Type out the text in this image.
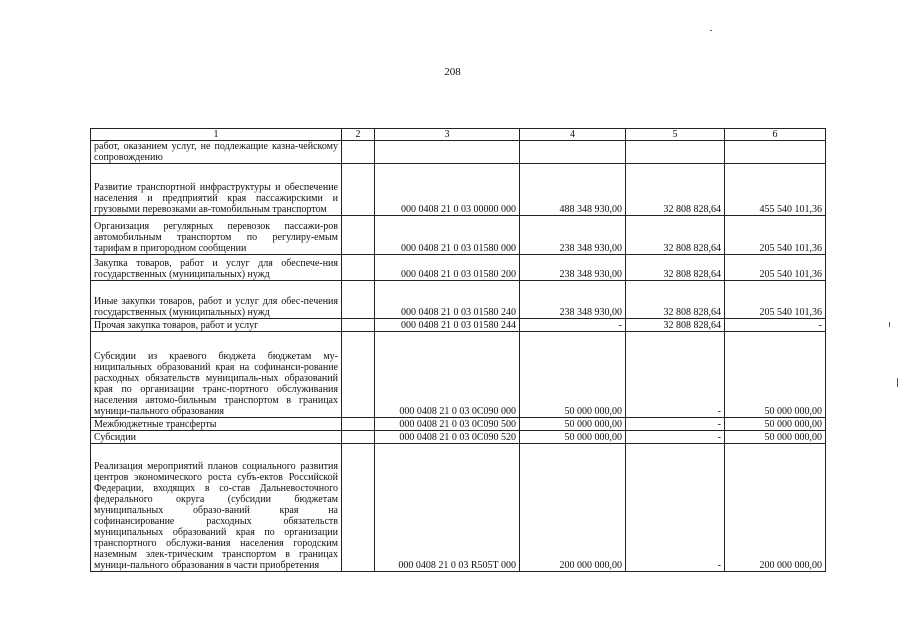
208
1	2	3	4	5	6
работ, оказанием услуг, не подлежащие казна-чейскому сопровождению					
Развитие транспортной инфраструктуры и обеспечение населения и предприятий края пассажирскими и грузовыми перевозками ав-томобильным транспортом		000 0408 21 0 03 00000 000	488 348 930,00	32 808 828,64	455 540 101,36
Организация регулярных перевозок пассажи-ров автомобильным транспортом по регулиру-емым тарифам в пригородном сообщении		000 0408 21 0 03 01580 000	238 348 930,00	32 808 828,64	205 540 101,36
Закупка товаров, работ и услуг для обеспече-ния государственных (муниципальных) нужд		000 0408 21 0 03 01580 200	238 348 930,00	32 808 828,64	205 540 101,36
Иные закупки товаров, работ и услуг для обес-печения государственных (муниципальных) нужд		000 0408 21 0 03 01580 240	238 348 930,00	32 808 828,64	205 540 101,36
Прочая закупка товаров, работ и услуг		000 0408 21 0 03 01580 244	-	32 808 828,64	-
Субсидии из краевого бюджета бюджетам му-ниципальных образований края на софинанси-рование расходных обязательств муниципаль-ных образований края по организации транс-портного обслуживания населения автомо-бильным транспортом в границах муници-пального образования		000 0408 21 0 03 0С090 000	50 000 000,00	-	50 000 000,00
Межбюджетные трансферты		000 0408 21 0 03 0С090 500	50 000 000,00	-	50 000 000,00
Субсидии		000 0408 21 0 03 0С090 520	50 000 000,00	-	50 000 000,00
Реализация мероприятий планов социального развития центров экономического роста субъ-ектов Российской Федерации, входящих в со-став Дальневосточного федерального округа (субсидии бюджетам муниципальных образо-ваний края на софинансирование расходных обязательств муниципальных образований края по организации транспортного обслужи-вания населения городским наземным элек-трическим транспортом в границах муници-пального образования в части приобретения		000 0408 21 0 03 R505T 000	200 000 000,00	-	200 000 000,00
